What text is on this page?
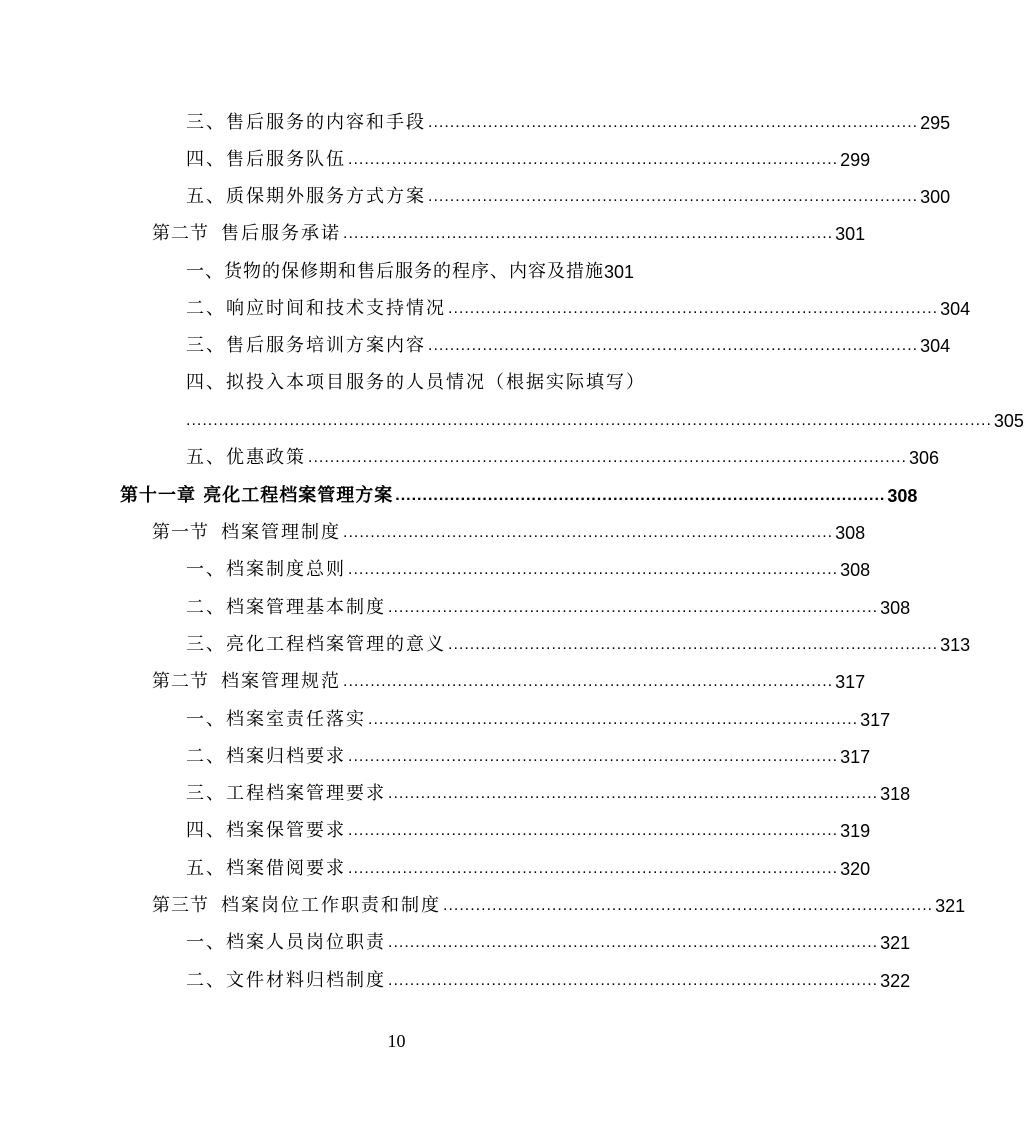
三、售后服务的内容和手段 .......................................................................................... 295
四、售后服务队伍 .......................................................................................... 299
五、质保期外服务方式方案 .......................................................................................... 300
第二节 售后服务承诺 .......................................................................................... 301
一、货物的保修期和售后服务的程序、内容及措施 301
二、响应时间和技术支持情况 .......................................................................................... 304
三、售后服务培训方案内容 .......................................................................................... 304
四、拟投入本项目服务的人员情况（根据实际填写）
.................................................................................................................................................... 305
五、优惠政策 .............................................................................................................. 306
第十一章 亮化工程档案管理方案 .......................................................................................... 308
第一节 档案管理制度 .......................................................................................... 308
一、档案制度总则 .......................................................................................... 308
二、档案管理基本制度 .......................................................................................... 308
三、亮化工程档案管理的意义 .......................................................................................... 313
第二节 档案管理规范 .......................................................................................... 317
一、档案室责任落实 .......................................................................................... 317
二、档案归档要求 .......................................................................................... 317
三、工程档案管理要求 .......................................................................................... 318
四、档案保管要求 .......................................................................................... 319
五、档案借阅要求 .......................................................................................... 320
第三节 档案岗位工作职责和制度 .......................................................................................... 321
一、档案人员岗位职责 .......................................................................................... 321
二、文件材料归档制度 .......................................................................................... 322
10
